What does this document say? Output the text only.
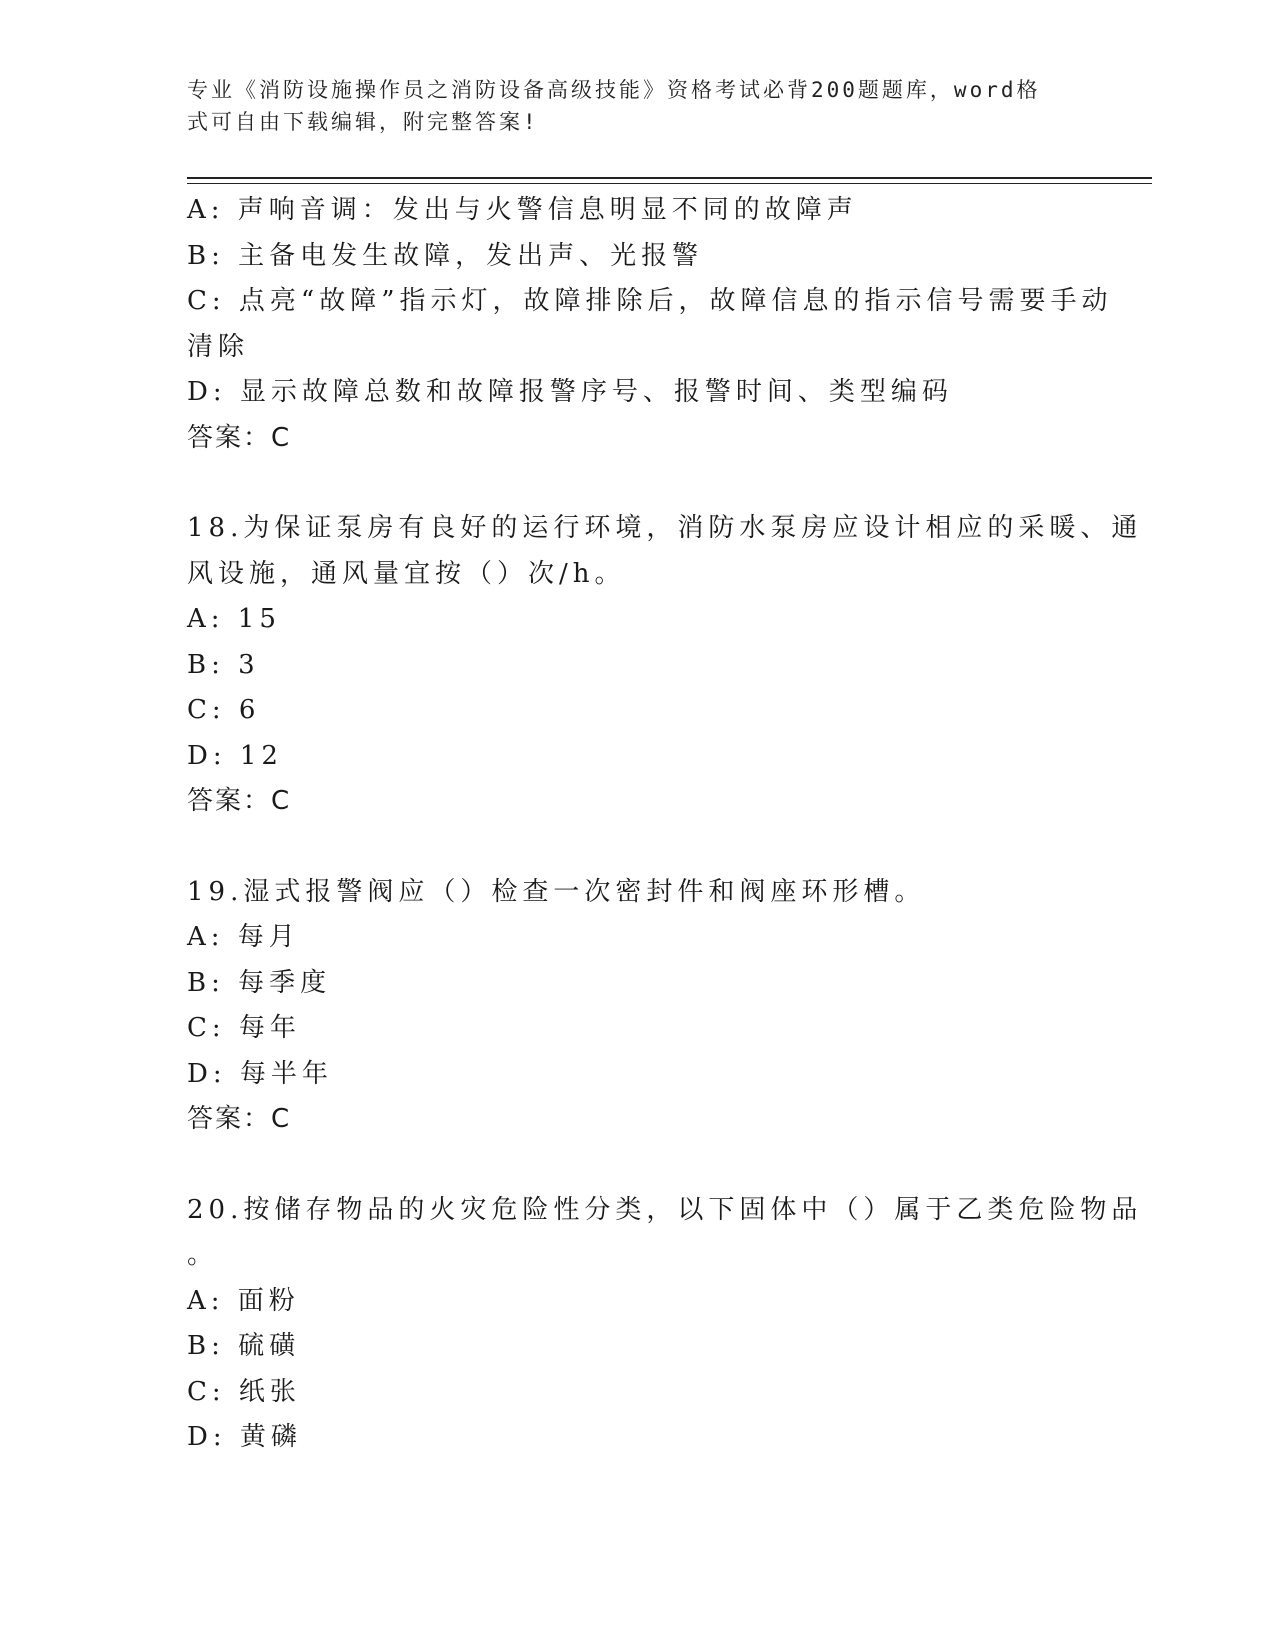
专业《消防设施操作员之消防设备高级技能》资格考试必背200题题库，word格
式可自由下载编辑，附完整答案!
A: 声响音调：发出与火警信息明显不同的故障声
B: 主备电发生故障，发出声、光报警
C: 点亮“故障”指示灯，故障排除后，故障信息的指示信号需要手动
清除
D: 显示故障总数和故障报警序号、报警时间、类型编码
答案：C
18.为保证泵房有良好的运行环境，消防水泵房应设计相应的采暖、通
风设施，通风量宜按（）次/h。
A: 15
B: 3
C: 6
D: 12
答案：C
19.湿式报警阀应（）检查一次密封件和阀座环形槽。
A: 每月
B: 每季度
C: 每年
D: 每半年
答案：C
20.按储存物品的火灾危险性分类，以下固体中（）属于乙类危险物品
。
A: 面粉
B: 硫磺
C: 纸张
D: 黄磷
